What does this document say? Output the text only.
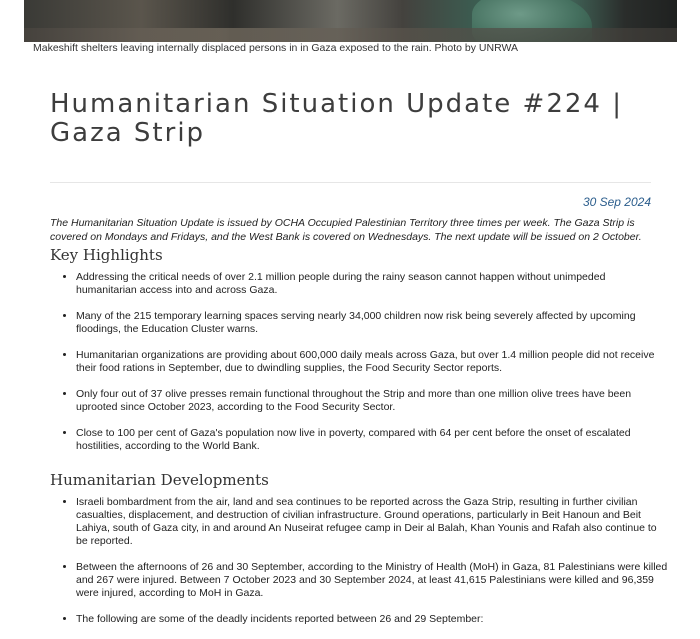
Makeshift shelters leaving internally displaced persons in in Gaza exposed to the rain. Photo by UNRWA
Humanitarian Situation Update #224 | Gaza Strip
30 Sep 2024

The Humanitarian Situation Update is issued by OCHA Occupied Palestinian Territory three times per week. The Gaza Strip is covered on Mondays and Fridays, and the West Bank is covered on Wednesdays. The next update will be issued on 2 October.

Key Highlights
• Addressing the critical needs of over 2.1 million people during the rainy season cannot happen without unimpeded humanitarian access into and across Gaza.
• Many of the 215 temporary learning spaces serving nearly 34,000 children now risk being severely affected by upcoming floodings, the Education Cluster warns.
• Humanitarian organizations are providing about 600,000 daily meals across Gaza, but over 1.4 million people did not receive their food rations in September, due to dwindling supplies, the Food Security Sector reports.
• Only four out of 37 olive presses remain functional throughout the Strip and more than one million olive trees have been uprooted since October 2023, according to the Food Security Sector.
• Close to 100 per cent of Gaza's population now live in poverty, compared with 64 per cent before the onset of escalated hostilities, according to the World Bank.
Humanitarian Developments
• Israeli bombardment from the air, land and sea continues to be reported across the Gaza Strip, resulting in further civilian casualties, displacement, and destruction of civilian infrastructure. Ground operations, particularly in Beit Hanoun and Beit Lahiya, south of Gaza city, in and around An Nuseirat refugee camp in Deir al Balah, Khan Younis and Rafah also continue to be reported.
• Between the afternoons of 26 and 30 September, according to the Ministry of Health (MoH) in Gaza, 81 Palestinians were killed and 267 were injured. Between 7 October 2023 and 30 September 2024, at least 41,615 Palestinians were killed and 96,359 were injured, according to MoH in Gaza.
• The following are some of the deadly incidents reported between 26 and 29 September:
